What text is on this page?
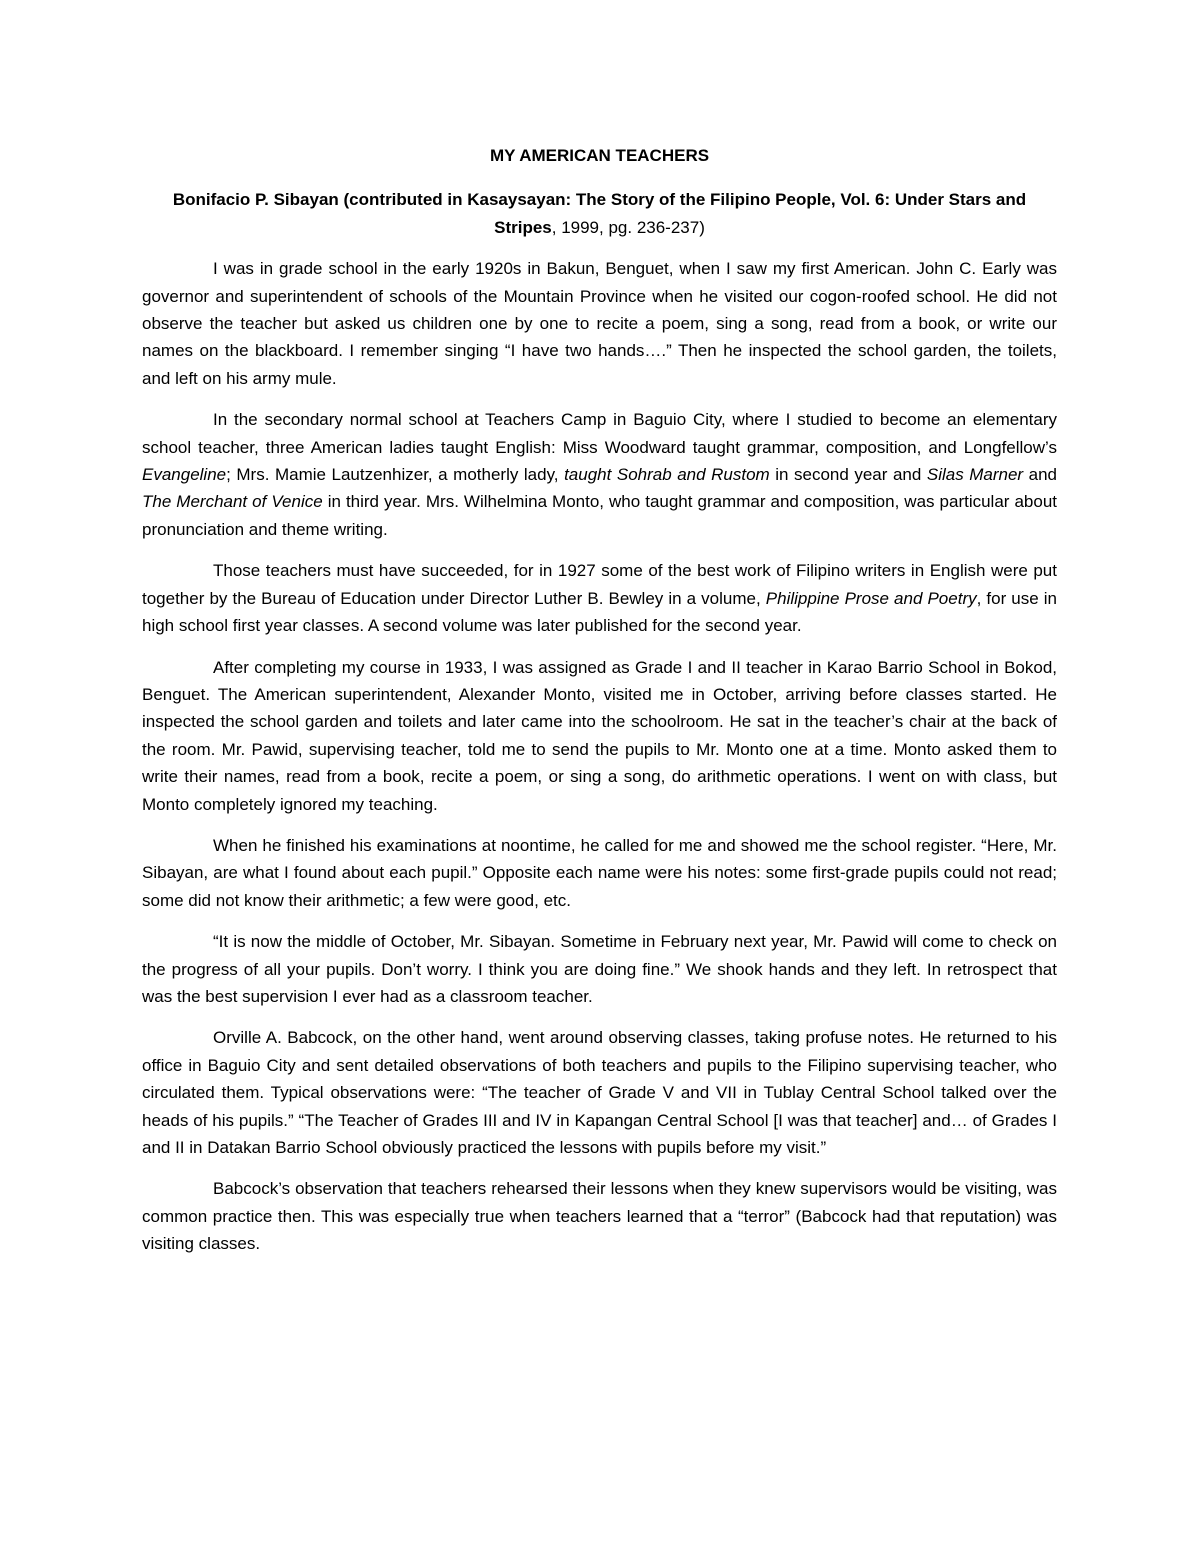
MY AMERICAN TEACHERS
Bonifacio P. Sibayan (contributed in Kasaysayan: The Story of the Filipino People, Vol. 6: Under Stars and Stripes, 1999, pg. 236-237)

I was in grade school in the early 1920s in Bakun, Benguet, when I saw my first American. John C. Early was governor and superintendent of schools of the Mountain Province when he visited our cogon-roofed school. He did not observe the teacher but asked us children one by one to recite a poem, sing a song, read from a book, or write our names on the blackboard. I remember singing “I have two hands….” Then he inspected the school garden, the toilets, and left on his army mule.

In the secondary normal school at Teachers Camp in Baguio City, where I studied to become an elementary school teacher, three American ladies taught English: Miss Woodward taught grammar, composition, and Longfellow’s Evangeline; Mrs. Mamie Lautzenhizer, a motherly lady, taught Sohrab and Rustom in second year and Silas Marner and The Merchant of Venice in third year. Mrs. Wilhelmina Monto, who taught grammar and composition, was particular about pronunciation and theme writing.

Those teachers must have succeeded, for in 1927 some of the best work of Filipino writers in English were put together by the Bureau of Education under Director Luther B. Bewley in a volume, Philippine Prose and Poetry, for use in high school first year classes. A second volume was later published for the second year.

After completing my course in 1933, I was assigned as Grade I and II teacher in Karao Barrio School in Bokod, Benguet. The American superintendent, Alexander Monto, visited me in October, arriving before classes started. He inspected the school garden and toilets and later came into the schoolroom. He sat in the teacher’s chair at the back of the room. Mr. Pawid, supervising teacher, told me to send the pupils to Mr. Monto one at a time. Monto asked them to write their names, read from a book, recite a poem, or sing a song, do arithmetic operations. I went on with class, but Monto completely ignored my teaching.

When he finished his examinations at noontime, he called for me and showed me the school register. “Here, Mr. Sibayan, are what I found about each pupil.” Opposite each name were his notes: some first-grade pupils could not read; some did not know their arithmetic; a few were good, etc.

“It is now the middle of October, Mr. Sibayan. Sometime in February next year, Mr. Pawid will come to check on the progress of all your pupils. Don’t worry. I think you are doing fine.” We shook hands and they left. In retrospect that was the best supervision I ever had as a classroom teacher.

Orville A. Babcock, on the other hand, went around observing classes, taking profuse notes. He returned to his office in Baguio City and sent detailed observations of both teachers and pupils to the Filipino supervising teacher, who circulated them. Typical observations were: “The teacher of Grade V and VII in Tublay Central School talked over the heads of his pupils.” “The Teacher of Grades III and IV in Kapangan Central School [I was that teacher] and… of Grades I and II in Datakan Barrio School obviously practiced the lessons with pupils before my visit.”

Babcock’s observation that teachers rehearsed their lessons when they knew supervisors would be visiting, was common practice then. This was especially true when teachers learned that a “terror” (Babcock had that reputation) was visiting classes.
